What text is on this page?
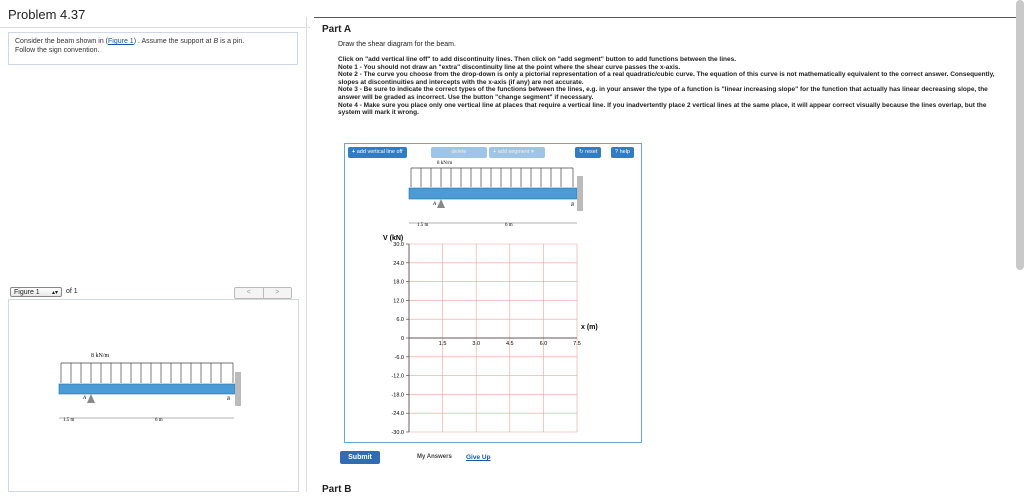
Problem 4.37
Consider the beam shown in (Figure 1) . Assume the support at B is a pin.
Follow the sign convention.
Figure 1 ▴▾ of 1	<	>
8 kN/m
A	B
1.5 m	6 m
Part A
Draw the shear diagram for the beam.
Click on "add vertical line off" to add discontinuity lines. Then click on "add segment" button to add functions between the lines.
Note 1 - You should not draw an "extra" discontinuity line at the point where the shear curve passes the x-axis.
Note 2 - The curve you choose from the drop-down is only a pictorial representation of a real quadratic/cubic curve. The equation of this curve is not mathematically equivalent to the correct answer. Consequently, slopes at discontinuities and intercepts with the x-axis (if any) are not accurate.
Note 3 - Be sure to indicate the correct types of the functions between the lines, e.g. in your answer the type of a function is "linear increasing slope" for the function that actually has linear decreasing slope, the answer will be graded as incorrect. Use the button "change segment" if necessary.
Note 4 - Make sure you place only one vertical line at places that require a vertical line. If you inadvertently place 2 vertical lines at the same place, it will appear correct visually because the lines overlap, but the system will mark it wrong.
+ add vertical line off	delete	+ add segment ▾	↻ reset	? help
8 kN/m
A	B
1.5 m	6 m
V (kN)
x (m)
30.0
24.0
18.0
12.0
6.0
0
-6.0
-12.0
-18.0
-24.0
-30.0
1.5	3.0	4.5	6.0	7.5
Submit	My Answers Give Up
Part B
